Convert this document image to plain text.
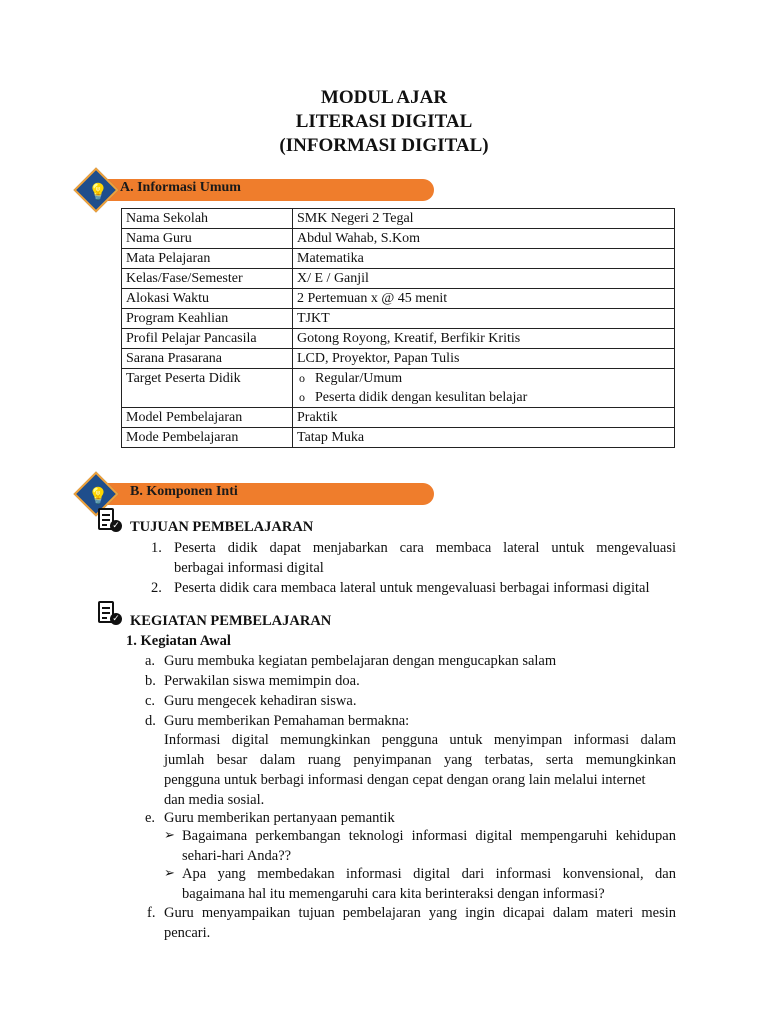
MODUL AJAR
LITERASI DIGITAL
(INFORMASI DIGITAL)
💡 A. Informasi Umum
Nama Sekolah	SMK Negeri 2 Tegal
Nama Guru	Abdul Wahab, S.Kom
Mata Pelajaran	Matematika
Kelas/Fase/Semester	X/ E / Ganjil
Alokasi Waktu	2 Pertemuan x @ 45 menit
Program Keahlian	TJKT
Profil Pelajar Pancasila	Gotong Royong, Kreatif, Berfikir Kritis
Sarana Prasarana	LCD, Proyektor, Papan Tulis
Target Peserta Didik	o Regular/Umum
o Peserta didik dengan kesulitan belajar

Model Pembelajaran	Praktik
Mode Pembelajaran	Tatap Muka
💡 B. Komponen Inti
✓ TUJUAN PEMBELAJARAN
1. Peserta didik dapat menjabarkan cara membaca lateral untuk mengevaluasi
berbagai informasi digital
2. Peserta didik cara membaca lateral untuk mengevaluasi berbagai informasi digital
✓ KEGIATAN PEMBELAJARAN
1. Kegiatan Awal
a. Guru membuka kegiatan pembelajaran dengan mengucapkan salam
b. Perwakilan siswa memimpin doa.
c. Guru mengecek kehadiran siswa.
d. Guru memberikan Pemahaman bermakna:
Informasi digital memungkinkan pengguna untuk menyimpan informasi dalam
jumlah besar dalam ruang penyimpanan yang terbatas, serta memungkinkan
pengguna untuk berbagi informasi dengan cepat dengan orang lain melalui internet
dan media sosial.
e. Guru memberikan pertanyaan pemantik
➢ Bagaimana perkembangan teknologi informasi digital mempengaruhi kehidupan
sehari-hari Anda??
➢ Apa yang membedakan informasi digital dari informasi konvensional, dan
bagaimana hal itu memengaruhi cara kita berinteraksi dengan informasi?
f. Guru menyampaikan tujuan pembelajaran yang ingin dicapai dalam materi mesin
pencari.
